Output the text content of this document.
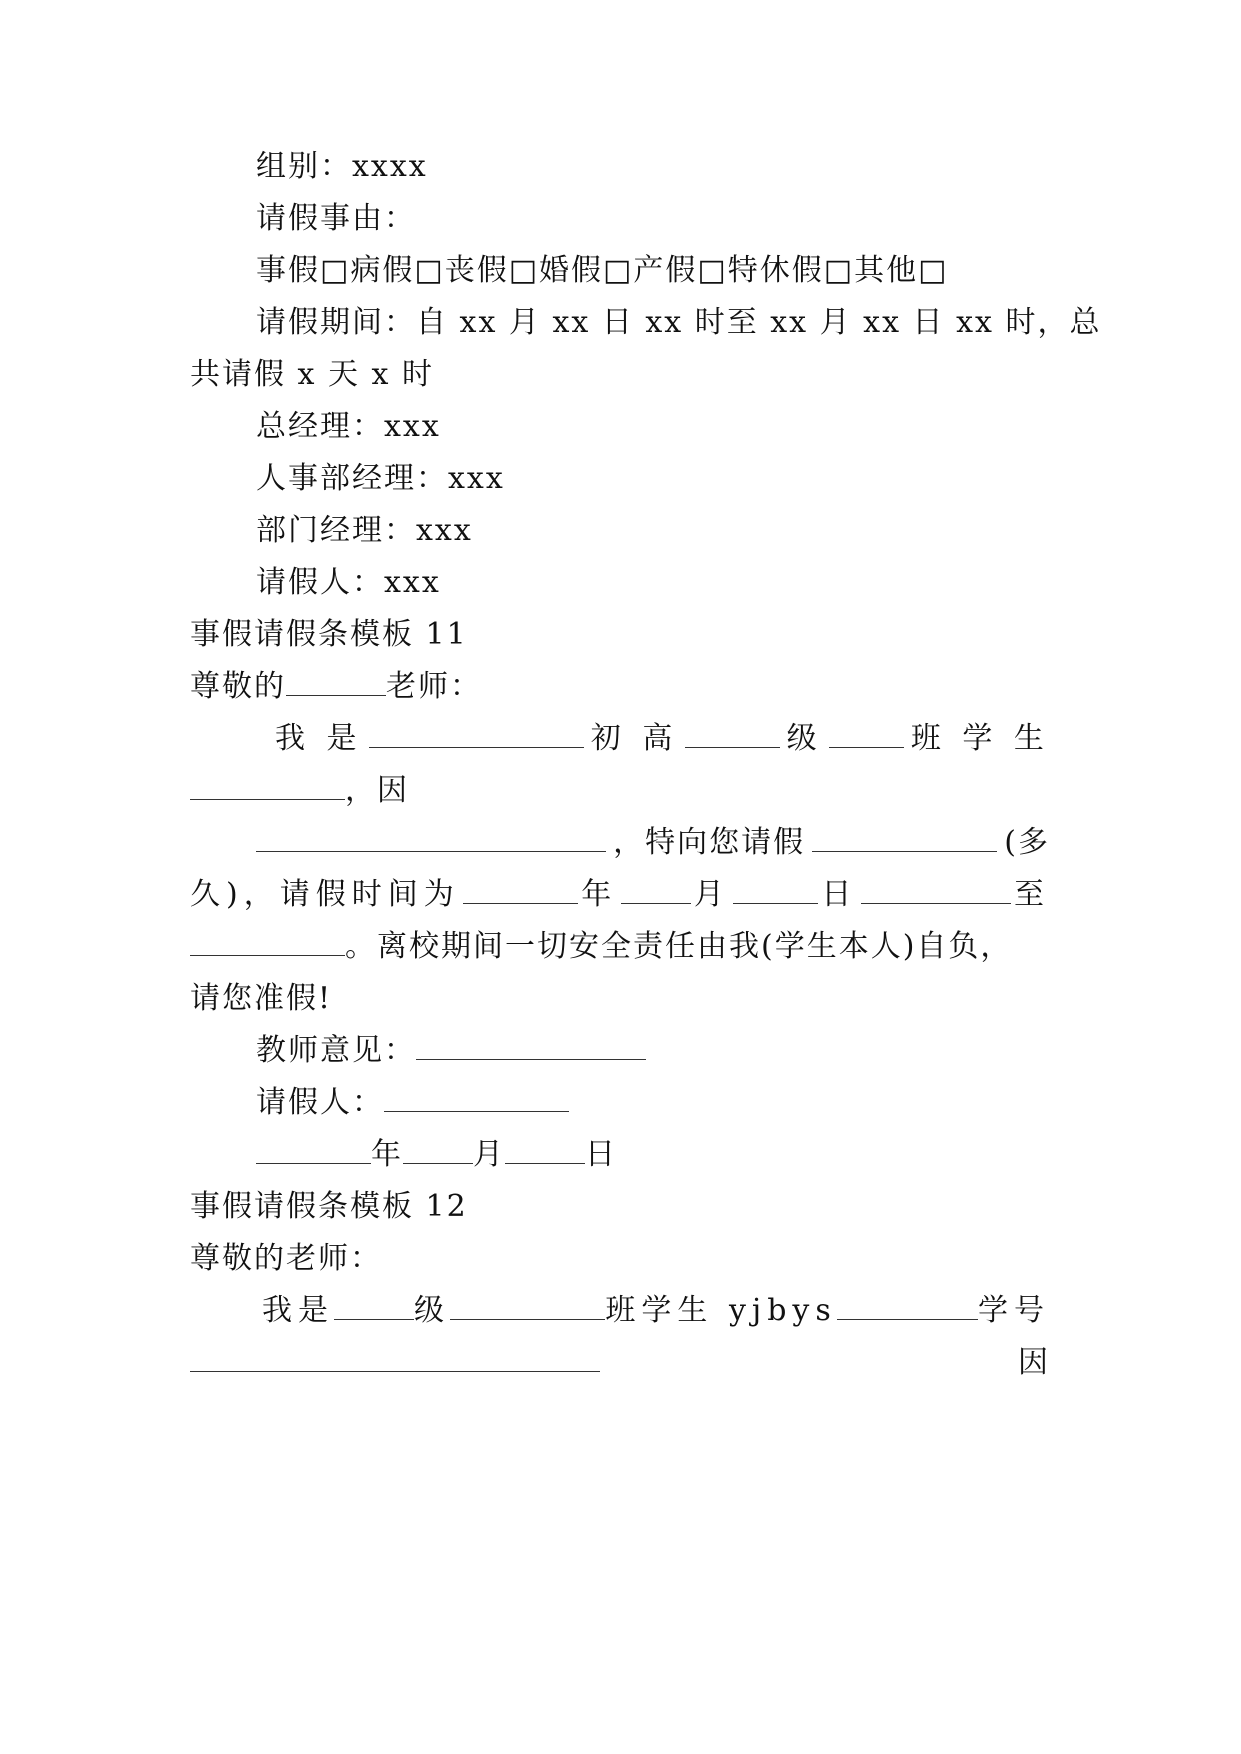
组别：xxxx
请假事由：
事假□病假□丧假□婚假□产假□特休假□其他□
请假期间：自 xx 月 xx 日 xx 时至 xx 月 xx 日 xx 时，总
共请假 x 天 x 时
总经理：xxx
人事部经理：xxx
部门经理：xxx
请假人：xxx
事假请假条模板 11
尊敬的	老师：
我 是	初 高	级	班 学 生
，因
，特向您请假	(多
久)，请假时间为	年	月	日	至
。离校期间一切安全责任由我(学生本人)自负，
请您准假!
教师意见：
请假人：
年 月	日
事假请假条模板 12
尊敬的老师：
我是	级	班学生 yjbys	学号
因
